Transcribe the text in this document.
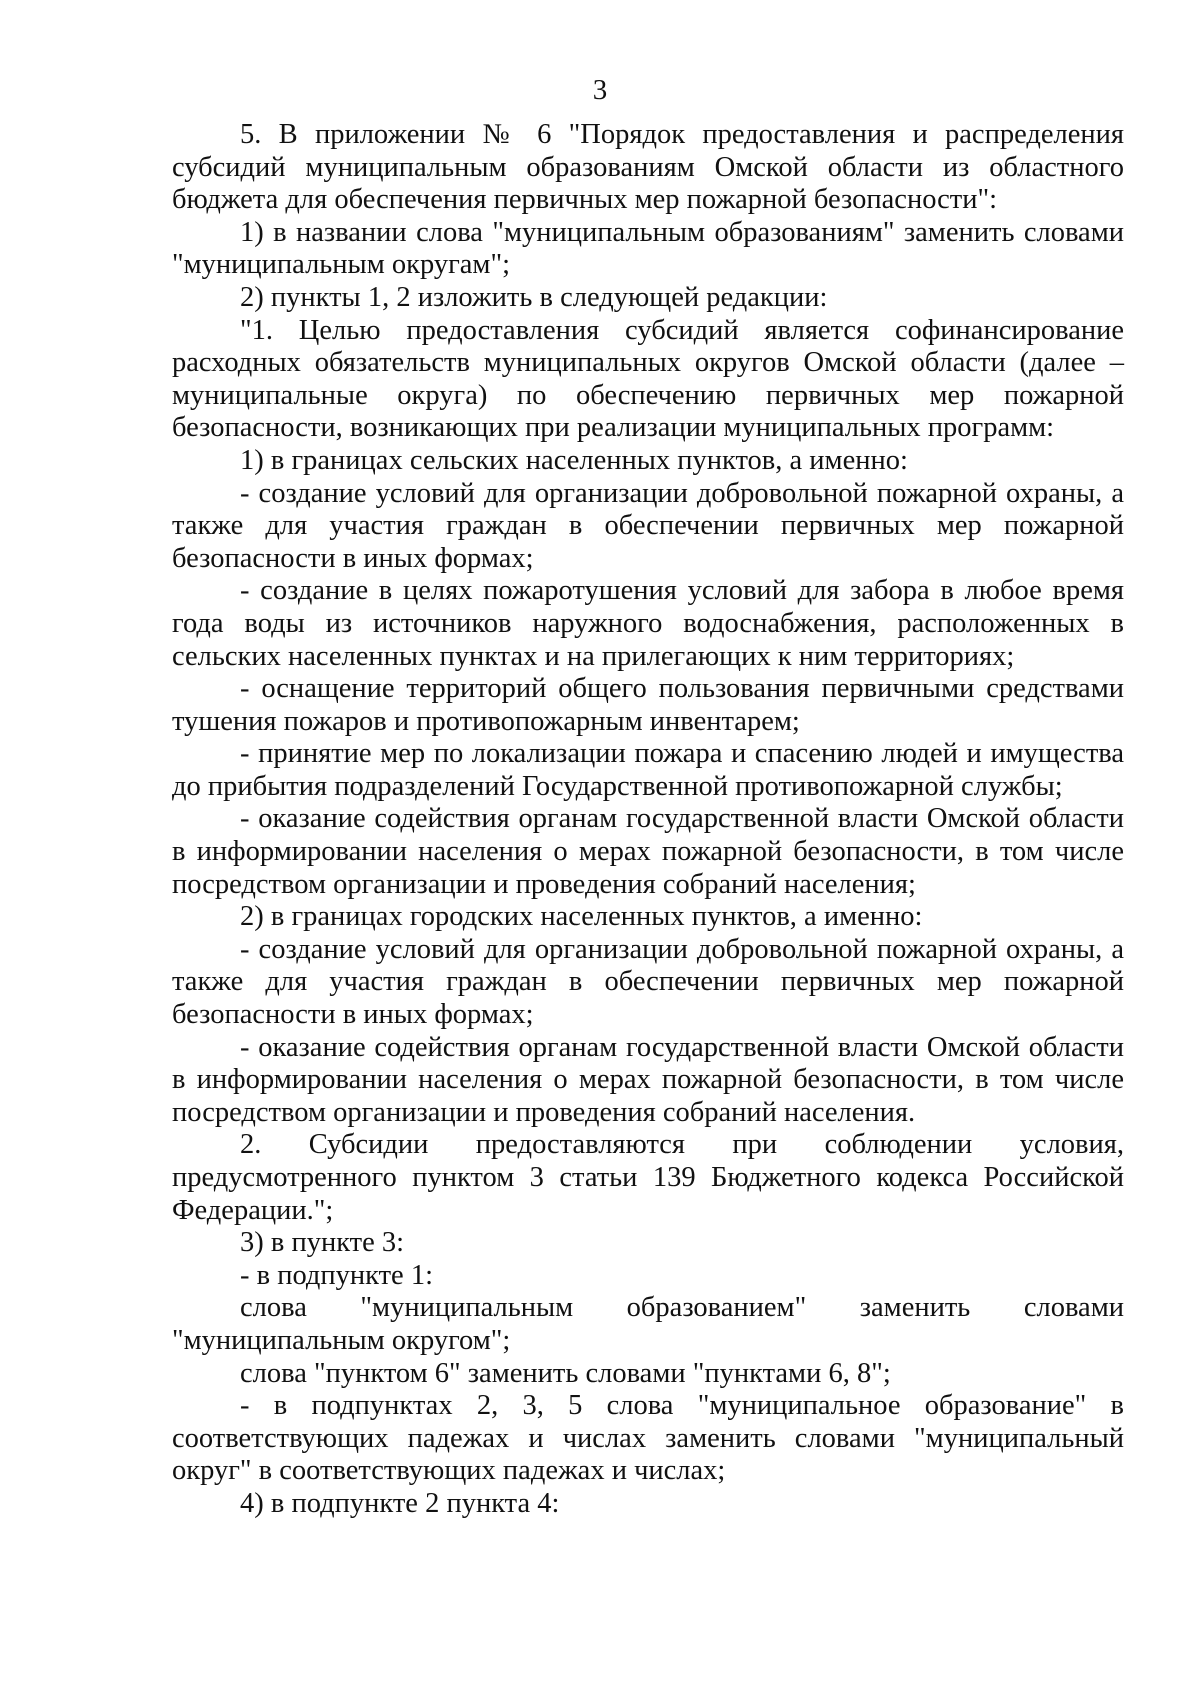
3

5. В приложении № 6 "Порядок предоставления и распределения субсидий муниципальным образованиям Омской области из областного бюджета для обеспечения первичных мер пожарной безопасности":

1) в названии слова "муниципальным образованиям" заменить словами "муниципальным округам";

2) пункты 1, 2 изложить в следующей редакции:

"1. Целью предоставления субсидий является софинансирование расходных обязательств муниципальных округов Омской области (далее – муниципальные округа) по обеспечению первичных мер пожарной безопасности, возникающих при реализации муниципальных программ:

1) в границах сельских населенных пунктов, а именно:

- создание условий для организации добровольной пожарной охраны, а также для участия граждан в обеспечении первичных мер пожарной безопасности в иных формах;

- создание в целях пожаротушения условий для забора в любое время года воды из источников наружного водоснабжения, расположенных в сельских населенных пунктах и на прилегающих к ним территориях;

- оснащение территорий общего пользования первичными средствами тушения пожаров и противопожарным инвентарем;

- принятие мер по локализации пожара и спасению людей и имущества до прибытия подразделений Государственной противопожарной службы;

- оказание содействия органам государственной власти Омской области в информировании населения о мерах пожарной безопасности, в том числе посредством организации и проведения собраний населения;

2) в границах городских населенных пунктов, а именно:

- создание условий для организации добровольной пожарной охраны, а также для участия граждан в обеспечении первичных мер пожарной безопасности в иных формах;

- оказание содействия органам государственной власти Омской области в информировании населения о мерах пожарной безопасности, в том числе посредством организации и проведения собраний населения.

2. Субсидии предоставляются при соблюдении условия, предусмотренного пунктом 3 статьи 139 Бюджетного кодекса Российской Федерации.";

3) в пункте 3:

- в подпункте 1:

слова "муниципальным образованием" заменить словами "муниципальным округом";

слова "пунктом 6" заменить словами "пунктами 6, 8";

- в подпунктах 2, 3, 5 слова "муниципальное образование" в соответствующих падежах и числах заменить словами "муниципальный округ" в соответствующих падежах и числах;

4) в подпункте 2 пункта 4:
